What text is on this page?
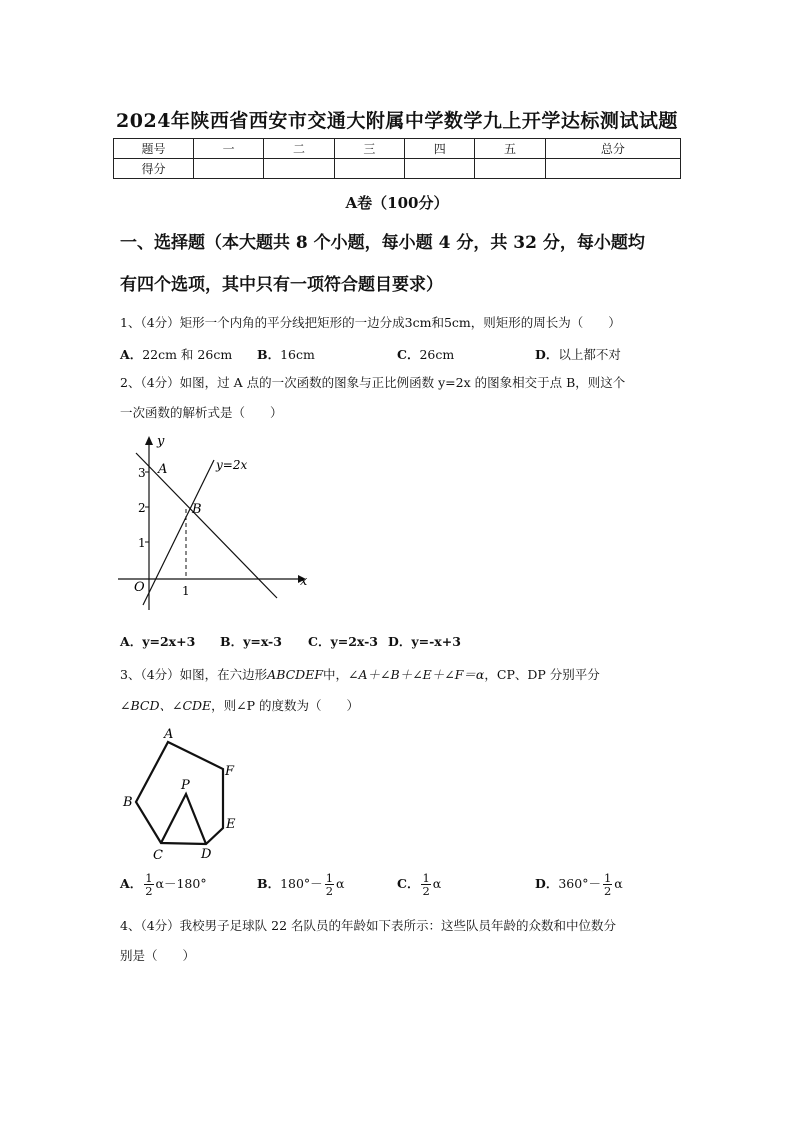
2024年陕西省西安市交通大附属中学数学九上开学达标测试试题
题号	一	二	三	四	五	总分
得分						
A卷（100分）
一、选择题（本大题共 8 个小题，每小题 4 分，共 32 分，每小题均
有四个选项，其中只有一项符合题目要求）
1、（4分）矩形一个内角的平分线把矩形的一边分成3cm和5cm，则矩形的周长为（　　）
A．22cm 和 26cm B．16cm	C．26cm	D．以上都不对
2、（4分）如图，过 A 点的一次函数的图象与正比例函数 y=2x 的图象相交于点 B，则这个
一次函数的解析式是（　　）
y
x
O
A
B
y=2x
3
2
1
1
A．y=2x+3 B．y=x-3 C．y=2x-3 D．y=-x+3
3、（4分）如图，在六边形ABCDEF中，∠A＋∠B＋∠E＋∠F＝α，CP、DP 分别平分
∠BCD、∠CDE，则∠P 的度数为（　　）
A
F
B
P
E
C	D
A． $\frac{1}{2} \alpha-180^\circ$	B．$180^\circ- \frac{1}{2}$ α	C． $\frac{1}{2}$ α	D．$360^\circ- \frac{1}{2}$ α
4、（4分）我校男子足球队 22 名队员的年龄如下表所示：这些队员年龄的众数和中位数分
别是（　　）
